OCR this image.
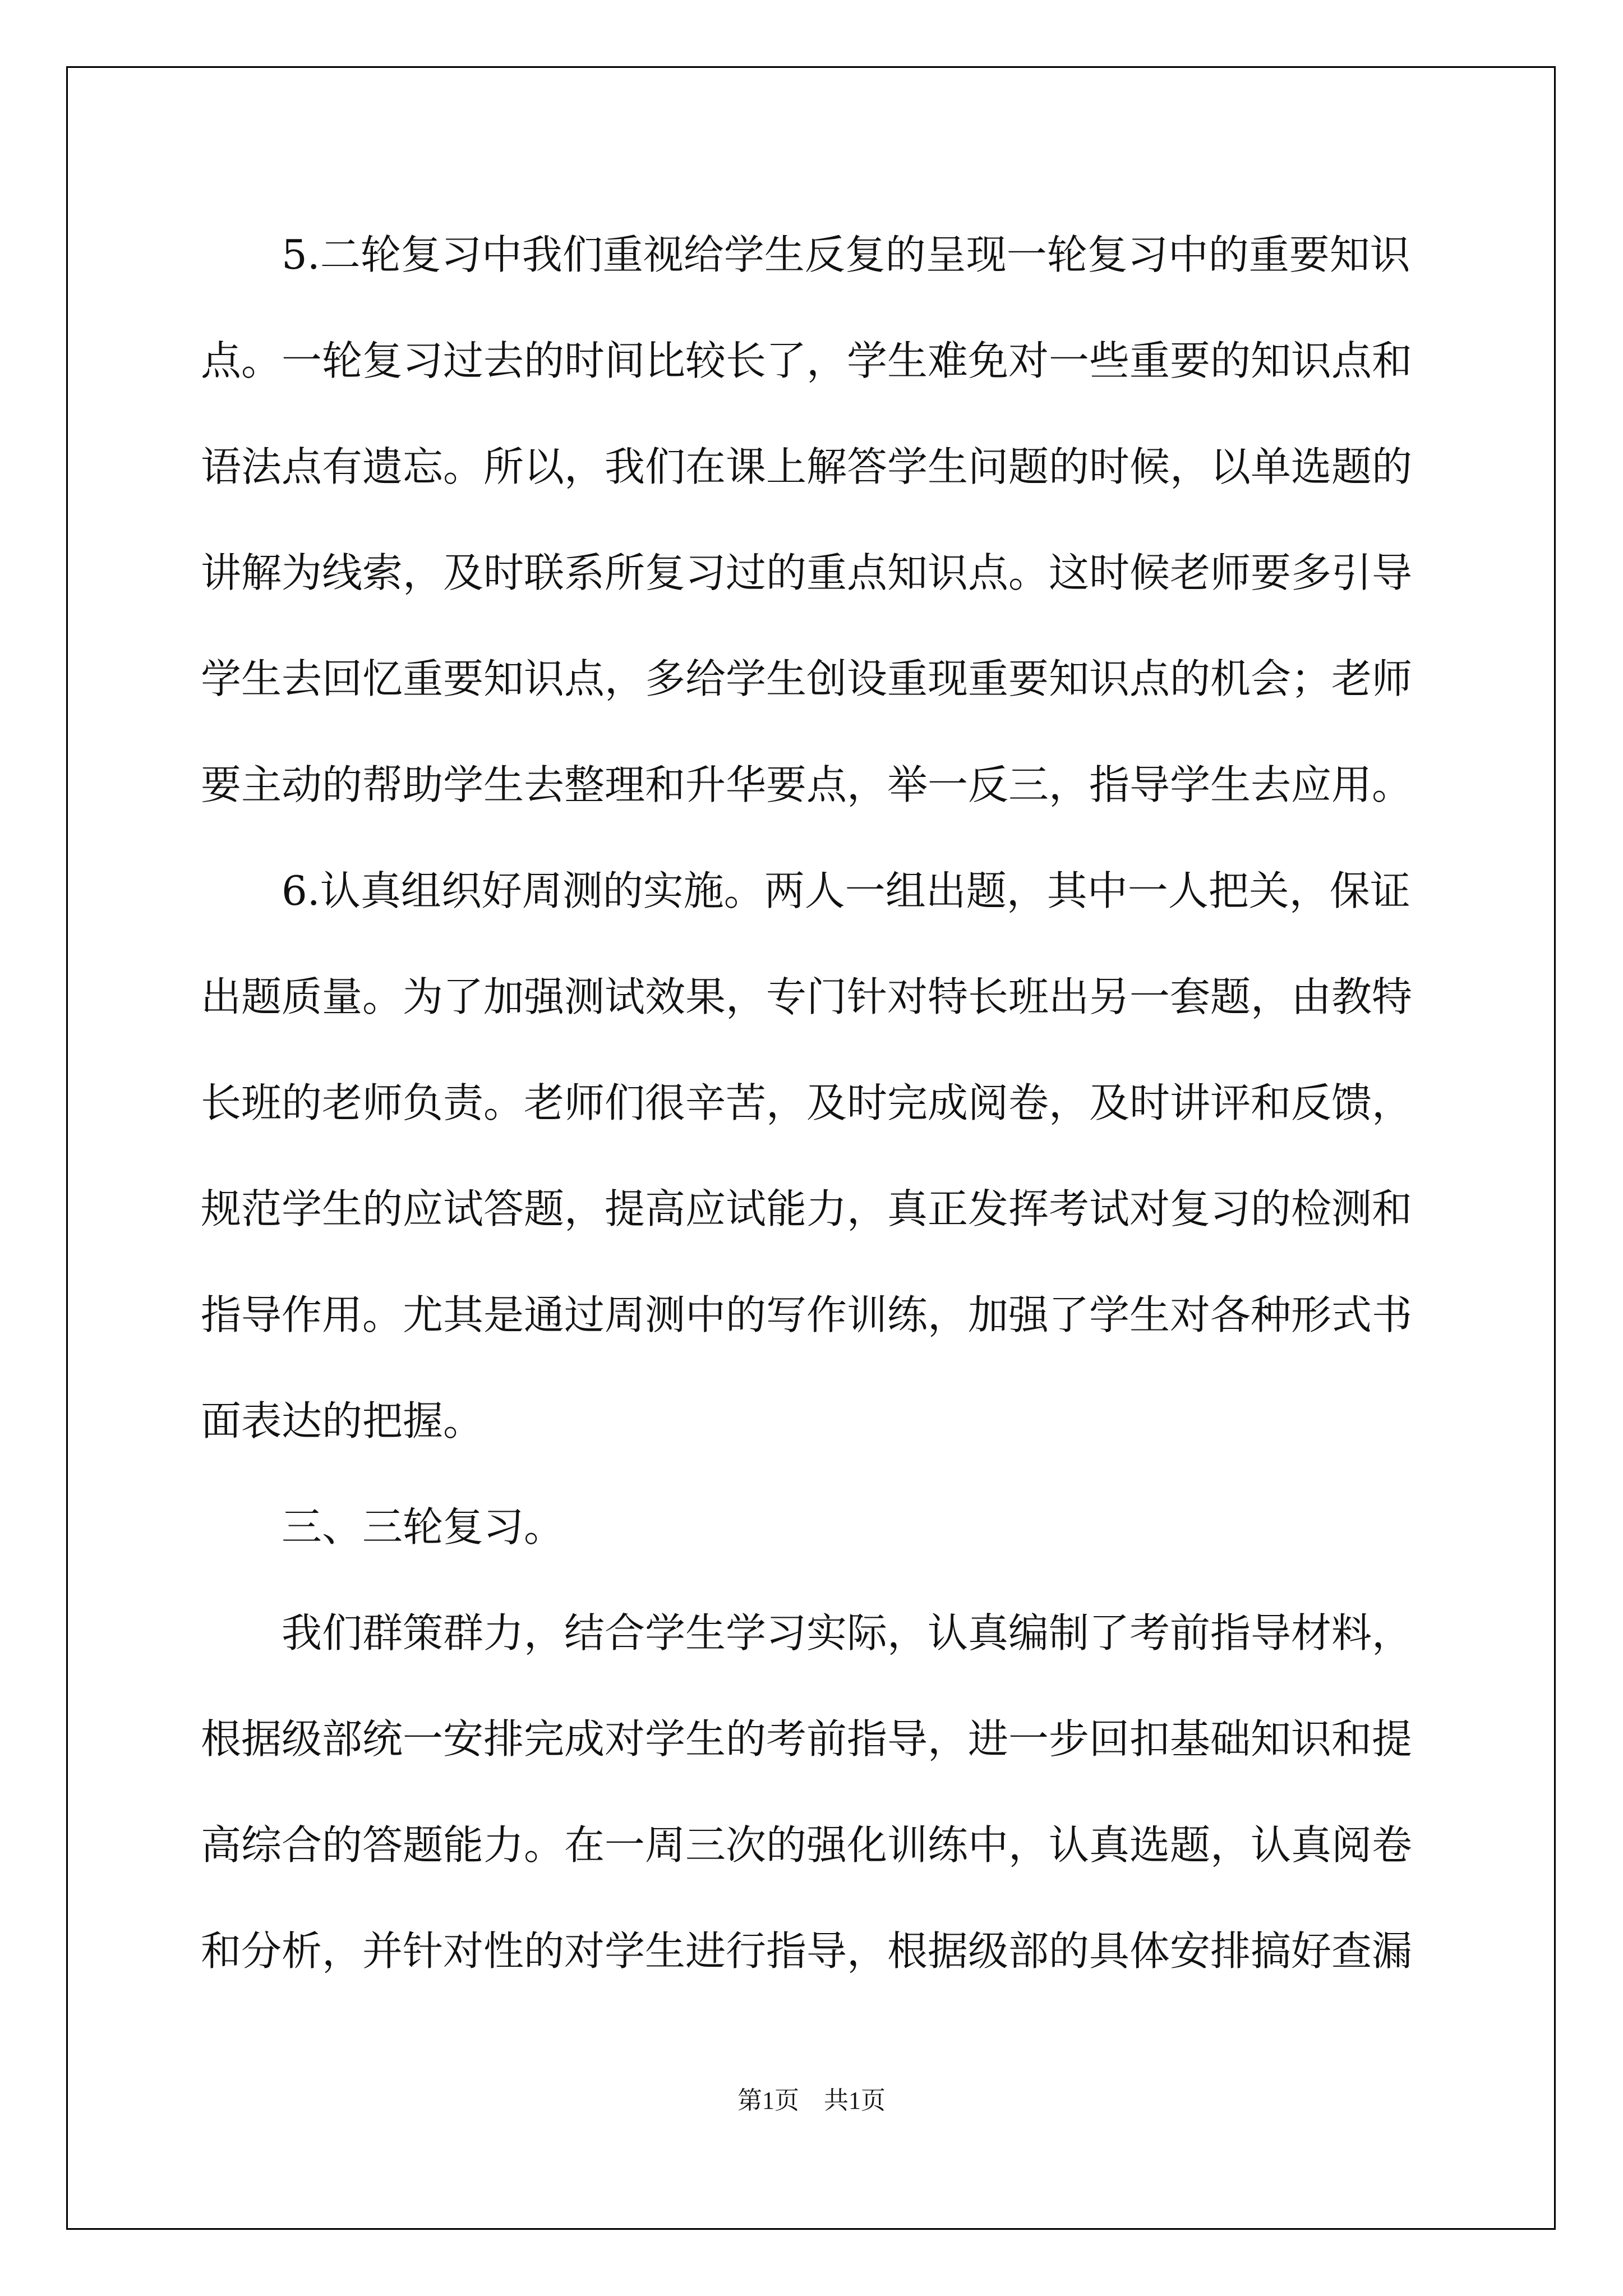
　　5.二轮复习中我们重视给学生反复的呈现一轮复习中的重要知识

点。一轮复习过去的时间比较长了，学生难免对一些重要的知识点和

语法点有遗忘。所以，我们在课上解答学生问题的时候，以单选题的

讲解为线索，及时联系所复习过的重点知识点。这时候老师要多引导

学生去回忆重要知识点，多给学生创设重现重要知识点的机会；老师

要主动的帮助学生去整理和升华要点，举一反三，指导学生去应用。

　　6.认真组织好周测的实施。两人一组出题，其中一人把关，保证

出题质量。为了加强测试效果，专门针对特长班出另一套题，由教特

长班的老师负责。老师们很辛苦，及时完成阅卷，及时讲评和反馈，

规范学生的应试答题，提高应试能力，真正发挥考试对复习的检测和

指导作用。尤其是通过周测中的写作训练，加强了学生对各种形式书

面表达的把握。

　　三、三轮复习。

　　我们群策群力，结合学生学习实际，认真编制了考前指导材料，

根据级部统一安排完成对学生的考前指导，进一步回扣基础知识和提

高综合的答题能力。在一周三次的强化训练中，认真选题，认真阅卷

和分析，并针对性的对学生进行指导，根据级部的具体安排搞好查漏

第1页　共1页
